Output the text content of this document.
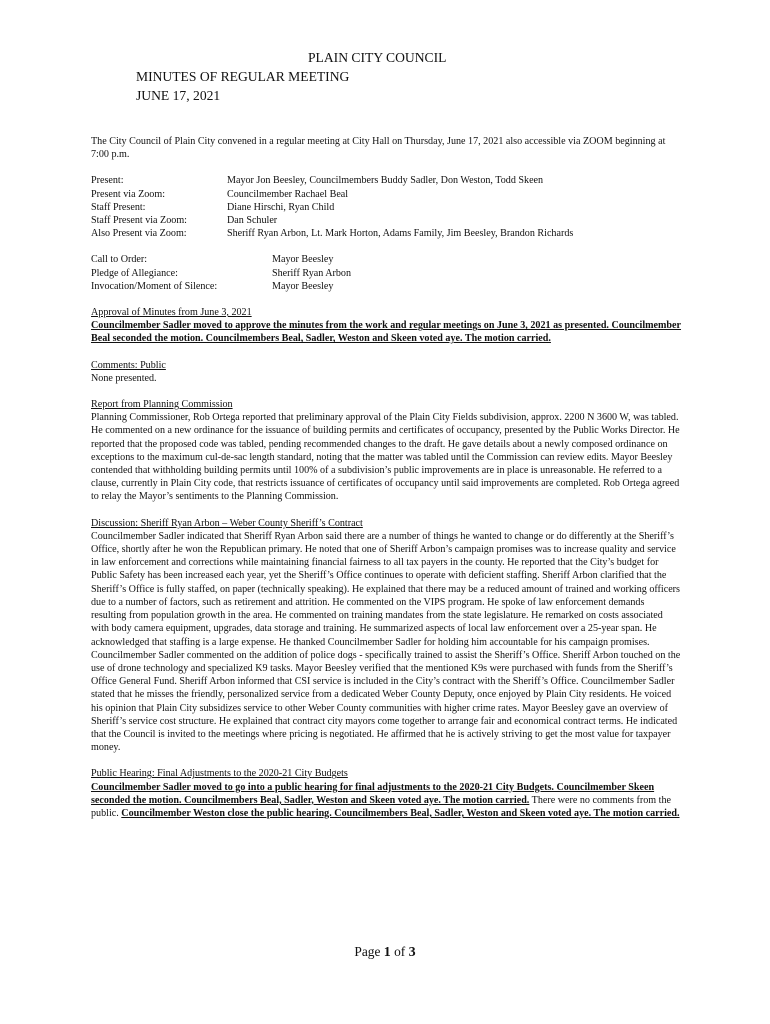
PLAIN CITY COUNCIL
MINUTES OF REGULAR MEETING
JUNE 17, 2021

The City Council of Plain City convened in a regular meeting at City Hall on Thursday, June 17, 2021 also accessible via ZOOM beginning at 7:00 p.m.

Present:	Mayor Jon Beesley, Councilmembers Buddy Sadler, Don Weston, Todd Skeen
Present via Zoom:	Councilmember Rachael Beal
Staff Present:	Diane Hirschi, Ryan Child
Staff Present via Zoom:	Dan Schuler
Also Present via Zoom:	Sheriff Ryan Arbon, Lt. Mark Horton, Adams Family, Jim Beesley, Brandon Richards
Call to Order:	Mayor Beesley
Pledge of Allegiance:	Sheriff Ryan Arbon
Invocation/Moment of Silence:	Mayor Beesley

Approval of Minutes from June 3, 2021

Councilmember Sadler moved to approve the minutes from the work and regular meetings on June 3, 2021 as presented. Councilmember Beal seconded the motion. Councilmembers Beal, Sadler, Weston and Skeen voted aye. The motion carried.

Comments: Public

None presented.

Report from Planning Commission

Planning Commissioner, Rob Ortega reported that preliminary approval of the Plain City Fields subdivision, approx. 2200 N 3600 W, was tabled. He commented on a new ordinance for the issuance of building permits and certificates of occupancy, presented by the Public Works Director. He reported that the proposed code was tabled, pending recommended changes to the draft. He gave details about a newly composed ordinance on exceptions to the maximum cul-de-sac length standard, noting that the matter was tabled until the Commission can review edits. Mayor Beesley contended that withholding building permits until 100% of a subdivision’s public improvements are in place is unreasonable. He referred to a clause, currently in Plain City code, that restricts issuance of certificates of occupancy until said improvements are completed. Rob Ortega agreed to relay the Mayor’s sentiments to the Planning Commission.

Discussion: Sheriff Ryan Arbon – Weber County Sheriff’s Contract

Councilmember Sadler indicated that Sheriff Ryan Arbon said there are a number of things he wanted to change or do differently at the Sheriff’s Office, shortly after he won the Republican primary. He noted that one of Sheriff Arbon’s campaign promises was to increase quality and service in law enforcement and corrections while maintaining financial fairness to all tax payers in the county. He reported that the City’s budget for Public Safety has been increased each year, yet the Sheriff’s Office continues to operate with deficient staffing. Sheriff Arbon clarified that the Sheriff’s Office is fully staffed, on paper (technically speaking). He explained that there may be a reduced amount of trained and working officers due to a number of factors, such as retirement and attrition. He commented on the VIPS program. He spoke of law enforcement demands resulting from population growth in the area. He commented on training mandates from the state legislature. He remarked on costs associated with body camera equipment, upgrades, data storage and training. He summarized aspects of local law enforcement over a 25-year span. He acknowledged that staffing is a large expense. He thanked Councilmember Sadler for holding him accountable for his campaign promises. Councilmember Sadler commented on the addition of police dogs - specifically trained to assist the Sheriff’s Office. Sheriff Arbon touched on the use of drone technology and specialized K9 tasks. Mayor Beesley verified that the mentioned K9s were purchased with funds from the Sheriff’s Office General Fund. Sheriff Arbon informed that CSI service is included in the City’s contract with the Sheriff’s Office. Councilmember Sadler stated that he misses the friendly, personalized service from a dedicated Weber County Deputy, once enjoyed by Plain City residents. He voiced his opinion that Plain City subsidizes service to other Weber County communities with higher crime rates. Mayor Beesley gave an overview of Sheriff’s service cost structure. He explained that contract city mayors come together to arrange fair and economical contract terms. He indicated that the Council is invited to the meetings where pricing is negotiated. He affirmed that he is actively striving to get the most value for taxpayer money.

Public Hearing: Final Adjustments to the 2020-21 City Budgets

Councilmember Sadler moved to go into a public hearing for final adjustments to the 2020-21 City Budgets. Councilmember Skeen seconded the motion. Councilmembers Beal, Sadler, Weston and Skeen voted aye. The motion carried. There were no comments from the public. Councilmember Weston close the public hearing. Councilmembers Beal, Sadler, Weston and Skeen voted aye. The motion carried.

Page 1 of 3
